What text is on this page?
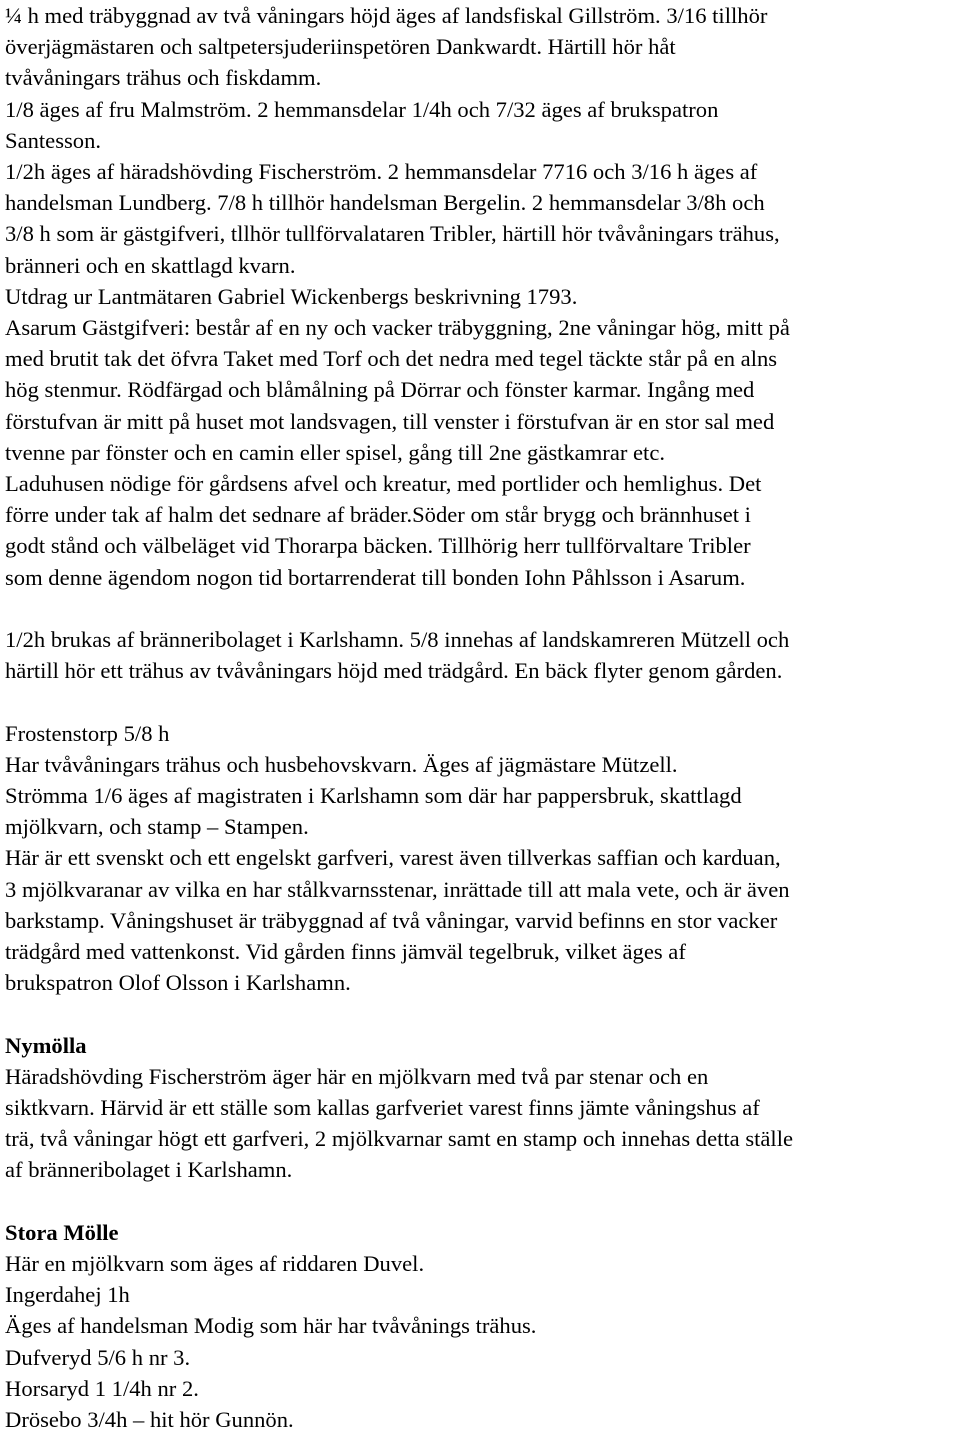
¼ h med träbyggnad av två våningars höjd äges af landsfiskal Gillström. 3/16 tillhör
överjägmästaren och saltpetersjuderiinspetören Dankwardt. Härtill hör håt
tvåvåningars trähus och fiskdamm.

1/8 äges af fru Malmström. 2 hemmansdelar 1/4h och 7/32 äges af brukspatron
Santesson.

1/2h äges af häradshövding Fischerström. 2 hemmansdelar 7716 och 3/16 h äges af
handelsman Lundberg. 7/8 h tillhör handelsman Bergelin. 2 hemmansdelar 3/8h och
3/8 h som är gästgifveri, tllhör tullförvalataren Tribler, härtill hör tvåvåningars trähus,
bränneri och en skattlagd kvarn.

Utdrag ur Lantmätaren Gabriel Wickenbergs beskrivning 1793.

Asarum Gästgifveri: består af en ny och vacker träbyggning, 2ne våningar hög, mitt på
med brutit tak det öfvra Taket med Torf och det nedra med tegel täckte står på en alns
hög stenmur. Rödfärgad och blåmålning på Dörrar och fönster karmar. Ingång med
förstufvan är mitt på huset mot landsvagen, till venster i förstufvan är en stor sal med
tvenne par fönster och en camin eller spisel, gång till 2ne gästkamrar etc.
Laduhusen nödige för gårdsens afvel och kreatur, med portlider och hemlighus. Det
förre under tak af halm det sednare af bräder.Söder om står brygg och brännhuset i
godt stånd och välbeläget vid Thorarpa bäcken. Tillhörig herr tullförvaltare Tribler
som denne ägendom nogon tid bortarrenderat till bonden Iohn Påhlsson i Asarum.

1/2h brukas af bränneribolaget i Karlshamn. 5/8 innehas af landskamreren Mützell och
härtill hör ett trähus av tvåvåningars höjd med trädgård. En bäck flyter genom gården.

Frostenstorp 5/8 h
Har tvåvåningars trähus och husbehovskvarn. Äges af jägmästare Mützell.
Strömma 1/6 äges af magistraten i Karlshamn som där har pappersbruk, skattlagd
mjölkvarn, och stamp – Stampen.
Här är ett svenskt och ett engelskt garfveri, varest även tillverkas saffian och karduan,
3 mjölkvaranar av vilka en har stålkvarnsstenar, inrättade till att mala vete, och är även
barkstamp. Våningshuset är träbyggnad af två våningar, varvid befinns en stor vacker
trädgård med vattenkonst. Vid gården finns jämväl tegelbruk, vilket äges af
brukspatron Olof Olsson i Karlshamn.

Nymölla
Häradshövding Fischerström äger här en mjölkvarn med två par stenar och en
siktkvarn. Härvid är ett ställe som kallas garfveriet varest finns jämte våningshus af
trä, två våningar högt ett garfveri, 2 mjölkvarnar samt en stamp och innehas detta ställe
af bränneribolaget i Karlshamn.

Stora Mölle
Här en mjölkvarn som äges af riddaren Duvel.
Ingerdahej 1h
Äges af handelsman Modig som här har tvåvånings trähus.
Dufveryd 5/6 h nr 3.
Horsaryd 1 1/4h nr 2.
Drösebo 3/4h – hit hör Gunnön.
